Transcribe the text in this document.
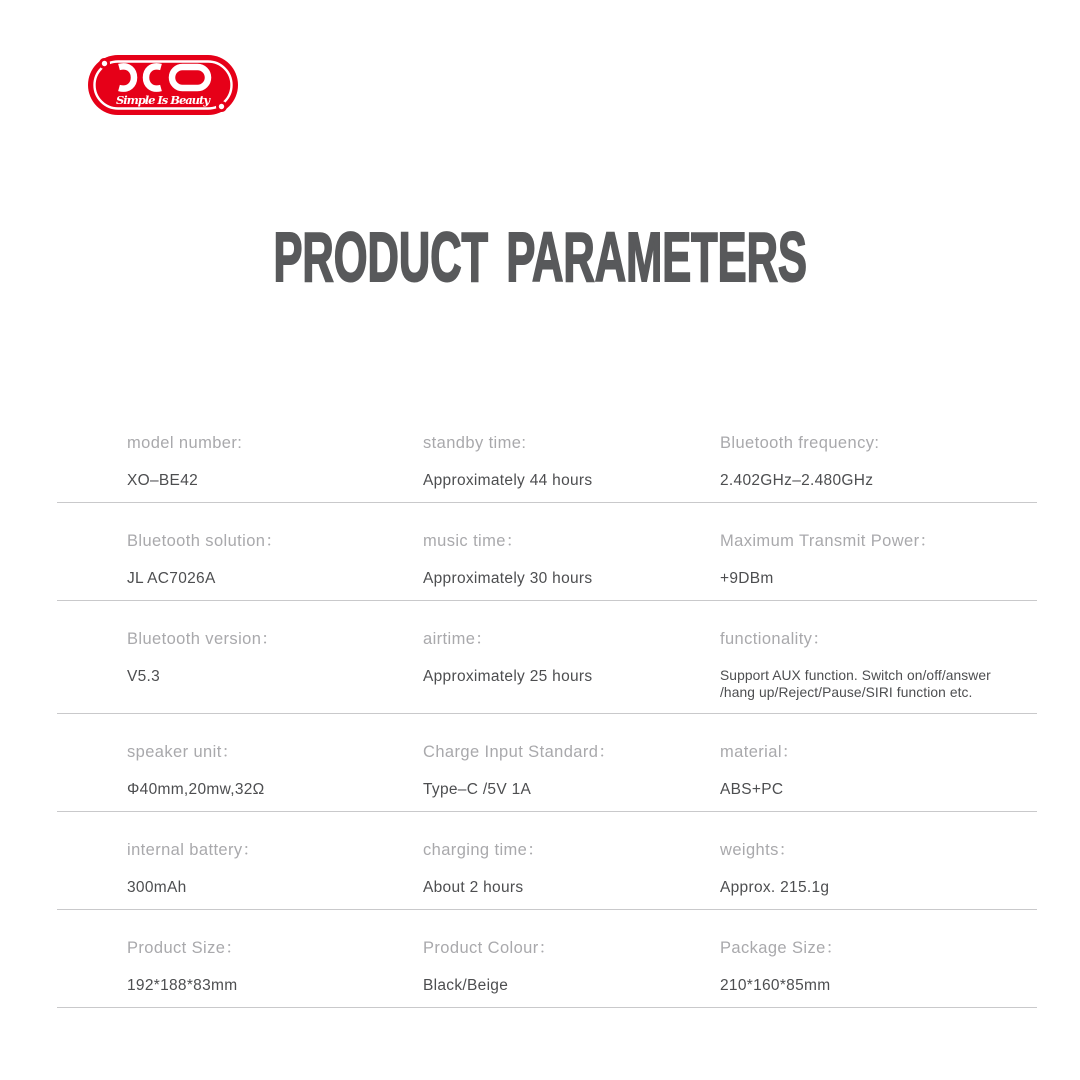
Simple Is Beauty
PRODUCT PARAMETERS
model number:
XO–BE42
standby time:
Approximately 44 hours
Bluetooth frequency:
2.402GHz–2.480GHz
Bluetooth solution：
JL AC7026A
music time：
Approximately 30 hours
Maximum Transmit Power：
+9DBm
Bluetooth version：
V5.3
airtime：
Approximately 25 hours
functionality：
Support AUX function. Switch on/off/answer /hang up/Reject/Pause/SIRI function etc.
speaker unit：
Φ40mm,20mw,32Ω
Charge Input Standard：
Type–C /5V 1A
material：
ABS+PC
internal battery：
300mAh
charging time：
About 2 hours
weights：
Approx. 215.1g
Product Size：
192*188*83mm
Product Colour：
Black/Beige
Package Size：
210*160*85mm
